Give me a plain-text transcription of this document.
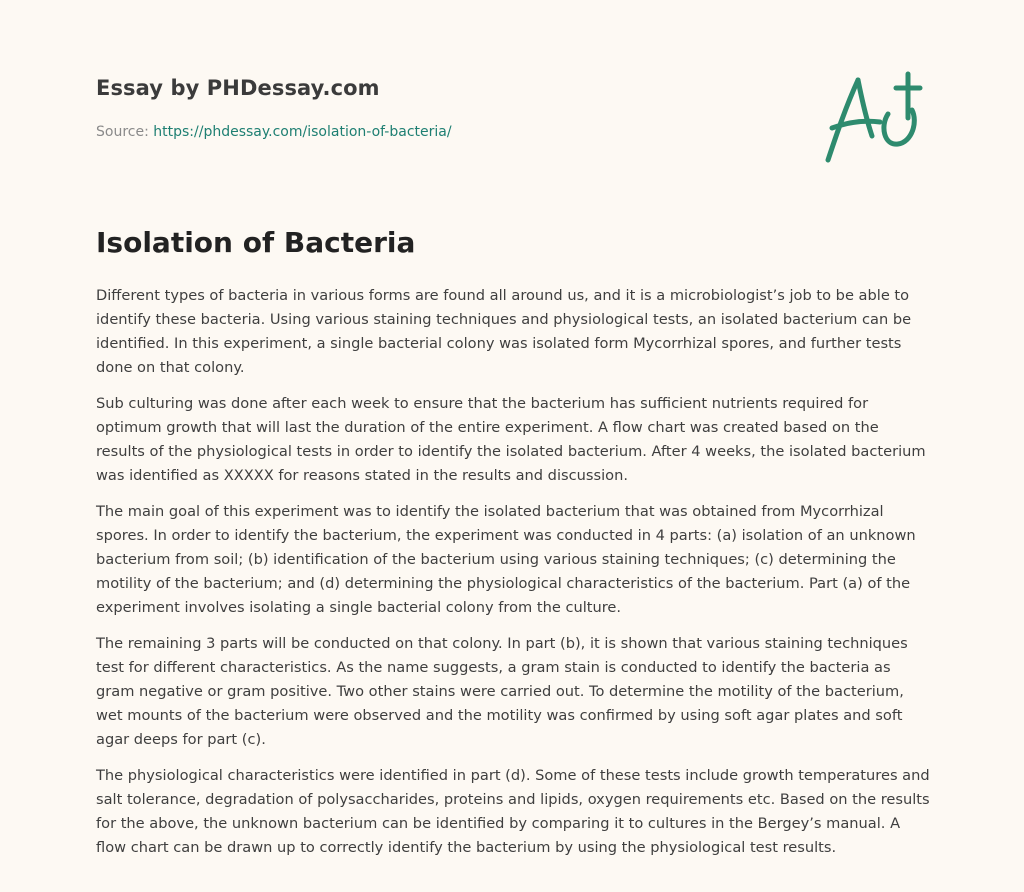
Essay by PHDessay.com
Source: https://phdessay.com/isolation-of-bacteria/
Isolation of Bacteria

Different types of bacteria in various forms are found all around us, and it is a microbiologist’s job to be able to identify these bacteria. Using various staining techniques and physiological tests, an isolated bacterium can be identified. In this experiment, a single bacterial colony was isolated form Mycorrhizal spores, and further tests done on that colony.

Sub culturing was done after each week to ensure that the bacterium has sufficient nutrients required for optimum growth that will last the duration of the entire experiment. A flow chart was created based on the results of the physiological tests in order to identify the isolated bacterium. After 4 weeks, the isolated bacterium was identified as XXXXX for reasons stated in the results and discussion.

The main goal of this experiment was to identify the isolated bacterium that was obtained from Mycorrhizal spores. In order to identify the bacterium, the experiment was conducted in 4 parts: (a) isolation of an unknown bacterium from soil; (b) identification of the bacterium using various staining techniques; (c) determining the motility of the bacterium; and (d) determining the physiological characteristics of the bacterium. Part (a) of the experiment involves isolating a single bacterial colony from the culture.

The remaining 3 parts will be conducted on that colony. In part (b), it is shown that various staining techniques test for different characteristics. As the name suggests, a gram stain is conducted to identify the bacteria as gram negative or gram positive. Two other stains were carried out. To determine the motility of the bacterium, wet mounts of the bacterium were observed and the motility was confirmed by using soft agar plates and soft agar deeps for part (c).

The physiological characteristics were identified in part (d). Some of these tests include growth temperatures and salt tolerance, degradation of polysaccharides, proteins and lipids, oxygen requirements etc. Based on the results for the above, the unknown bacterium can be identified by comparing it to cultures in the Bergey’s manual. A flow chart can be drawn up to correctly identify the bacterium by using the physiological test results.
